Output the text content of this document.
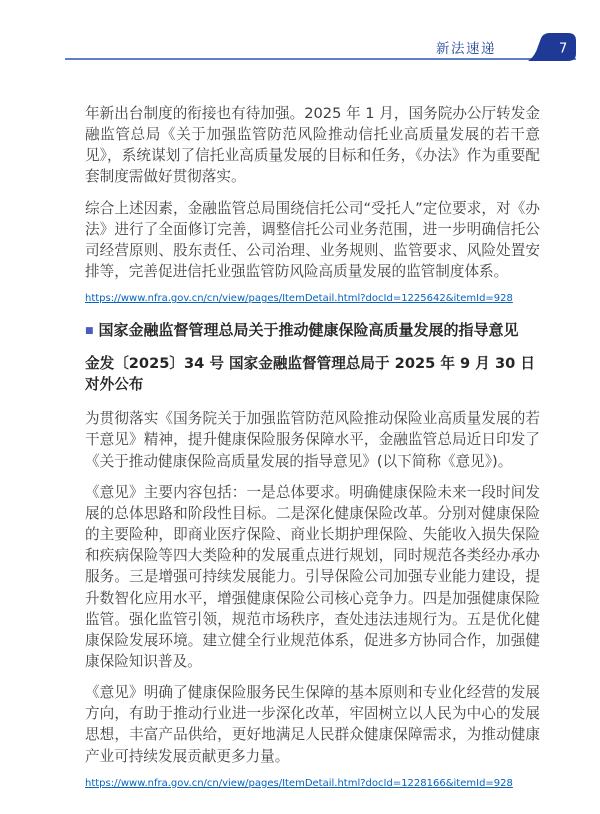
新法速递	7

年新出台制度的衔接也有待加强。2025 年 1 月，国务院办公厅转发金融监管总局《关于加强监管防范风险推动信托业高质量发展的若干意见》，系统谋划了信托业高质量发展的目标和任务，《办法》作为重要配套制度需做好贯彻落实。

综合上述因素，金融监管总局围绕信托公司“受托人”定位要求，对《办法》进行了全面修订完善，调整信托公司业务范围，进一步明确信托公司经营原则、股东责任、公司治理、业务规则、监管要求、风险处置安排等，完善促进信托业强监管防风险高质量发展的监管制度体系。

https://www.nfra.gov.cn/cn/view/pages/ItemDetail.html?docId=1225642&itemId=928

■ 国家金融监督管理总局关于推动健康保险高质量发展的指导意见

金发〔2025〕34 号 国家金融监督管理总局于 2025 年 9 月 30 日对外公布

为贯彻落实《国务院关于加强监管防范风险推动保险业高质量发展的若干意见》精神，提升健康保险服务保障水平，金融监管总局近日印发了《关于推动健康保险高质量发展的指导意见》(以下简称《意见》)。

《意见》主要内容包括：一是总体要求。明确健康保险未来一段时间发展的总体思路和阶段性目标。二是深化健康保险改革。分别对健康保险的主要险种，即商业医疗保险、商业长期护理保险、失能收入损失保险和疾病保险等四大类险种的发展重点进行规划，同时规范各类经办承办服务。三是增强可持续发展能力。引导保险公司加强专业能力建设，提升数智化应用水平，增强健康保险公司核心竞争力。四是加强健康保险监管。强化监管引领，规范市场秩序，查处违法违规行为。五是优化健康保险发展环境。建立健全行业规范体系，促进多方协同合作，加强健康保险知识普及。

《意见》明确了健康保险服务民生保障的基本原则和专业化经营的发展方向，有助于推动行业进一步深化改革，牢固树立以人民为中心的发展思想，丰富产品供给，更好地满足人民群众健康保障需求，为推动健康产业可持续发展贡献更多力量。

https://www.nfra.gov.cn/cn/view/pages/ItemDetail.html?docId=1228166&itemId=928
